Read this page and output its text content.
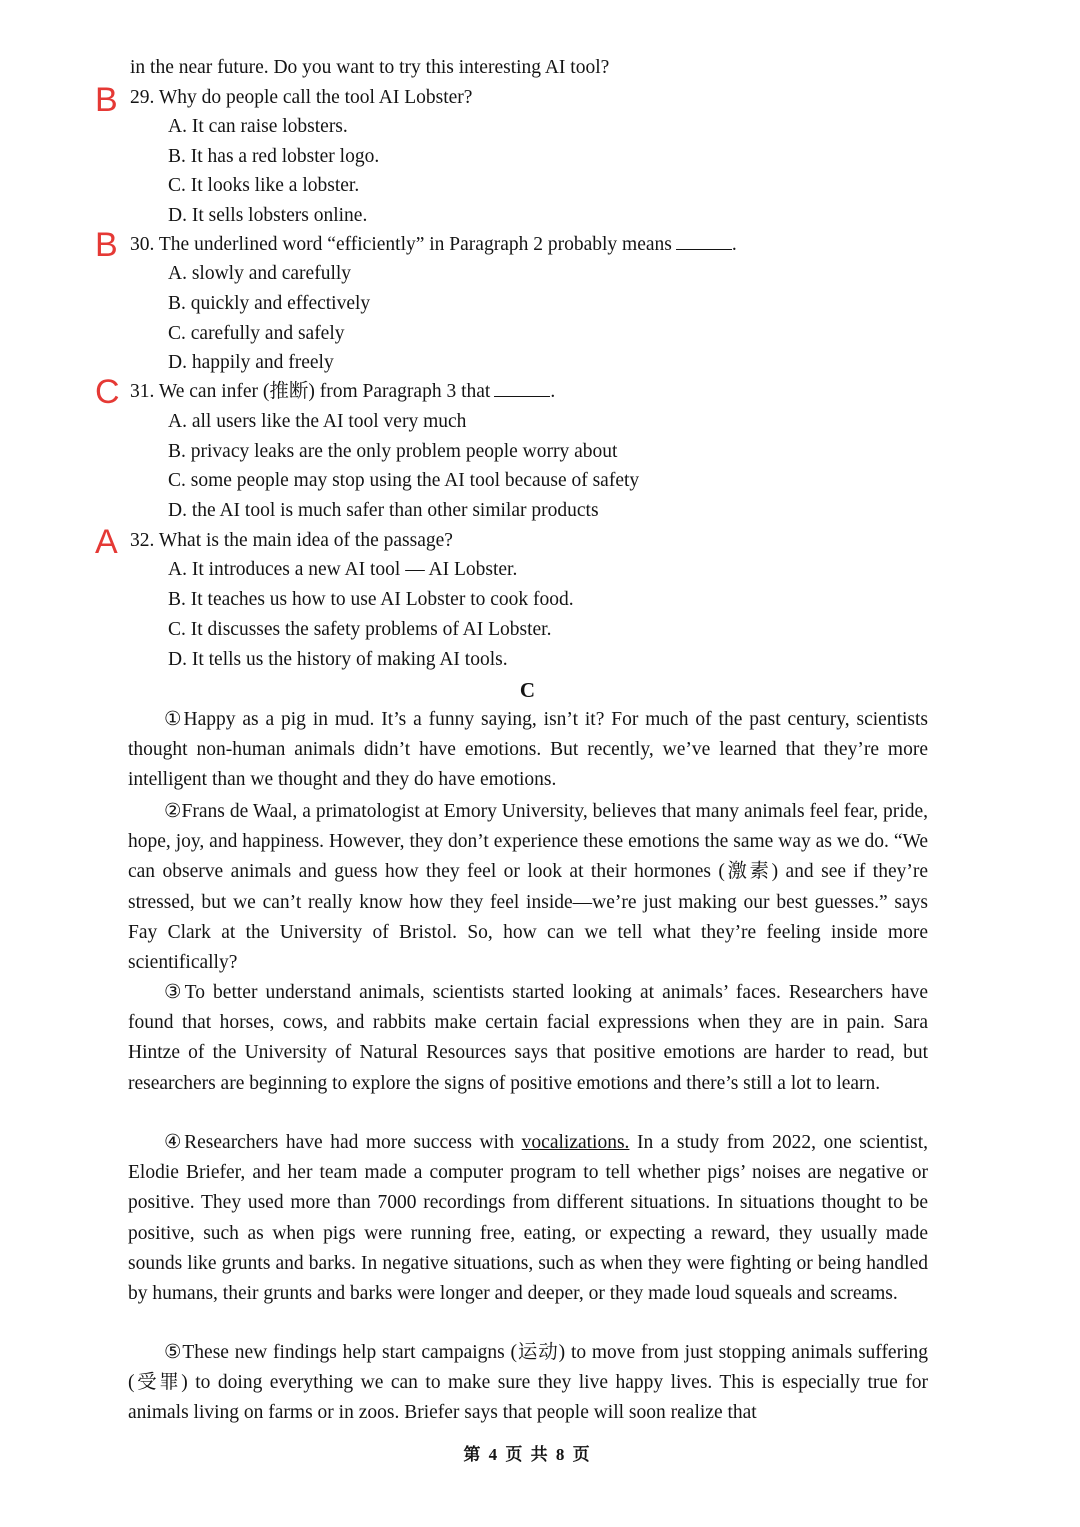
in the near future. Do you want to try this interesting AI tool?
B 29. Why do people call the tool AI Lobster?
A. It can raise lobsters.
B. It has a red lobster logo.
C. It looks like a lobster.
D. It sells lobsters online.
B 30. The underlined word “efficiently” in Paragraph 2 probably means	.
A. slowly and carefully
B. quickly and effectively
C. carefully and safely
D. happily and freely
C 31. We can infer (推断) from Paragraph 3 that	.
A. all users like the AI tool very much
B. privacy leaks are the only problem people worry about
C. some people may stop using the AI tool because of safety
D. the AI tool is much safer than other similar products
A 32. What is the main idea of the passage?
A. It introduces a new AI tool — AI Lobster.
B. It teaches us how to use AI Lobster to cook food.
C. It discusses the safety problems of AI Lobster.
D. It tells us the history of making AI tools.
C
①Happy as a pig in mud. It’s a funny saying, isn’t it? For much of the past century, scientists thought non-human animals didn’t have emotions. But recently, we’ve learned that they’re more intelligent than we thought and they do have emotions.
②Frans de Waal, a primatologist at Emory University, believes that many animals feel fear, pride, hope, joy, and happiness. However, they don’t experience these emotions the same way as we do. “We can observe animals and guess how they feel or look at their hormones (激素) and see if they’re stressed, but we can’t really know how they feel inside—we’re just making our best guesses.” says Fay Clark at the University of Bristol. So, how can we tell what they’re feeling inside more scientifically?
③To better understand animals, scientists started looking at animals’ faces. Researchers have found that horses, cows, and rabbits make certain facial expressions when they are in pain. Sara Hintze of the University of Natural Resources says that positive emotions are harder to read, but researchers are beginning to explore the signs of positive emotions and there’s still a lot to learn.
④Researchers have had more success with vocalizations. In a study from 2022, one scientist, Elodie Briefer, and her team made a computer program to tell whether pigs’ noises are negative or positive. They used more than 7000 recordings from different situations. In situations thought to be positive, such as when pigs were running free, eating, or expecting a reward, they usually made sounds like grunts and barks. In negative situations, such as when they were fighting or being handled by humans, their grunts and barks were longer and deeper, or they made loud squeals and screams.
⑤These new findings help start campaigns (运动) to move from just stopping animals suffering (受罪) to doing everything we can to make sure they live happy lives. This is especially true for animals living on farms or in zoos. Briefer says that people will soon realize that
第 4 页 共 8 页
